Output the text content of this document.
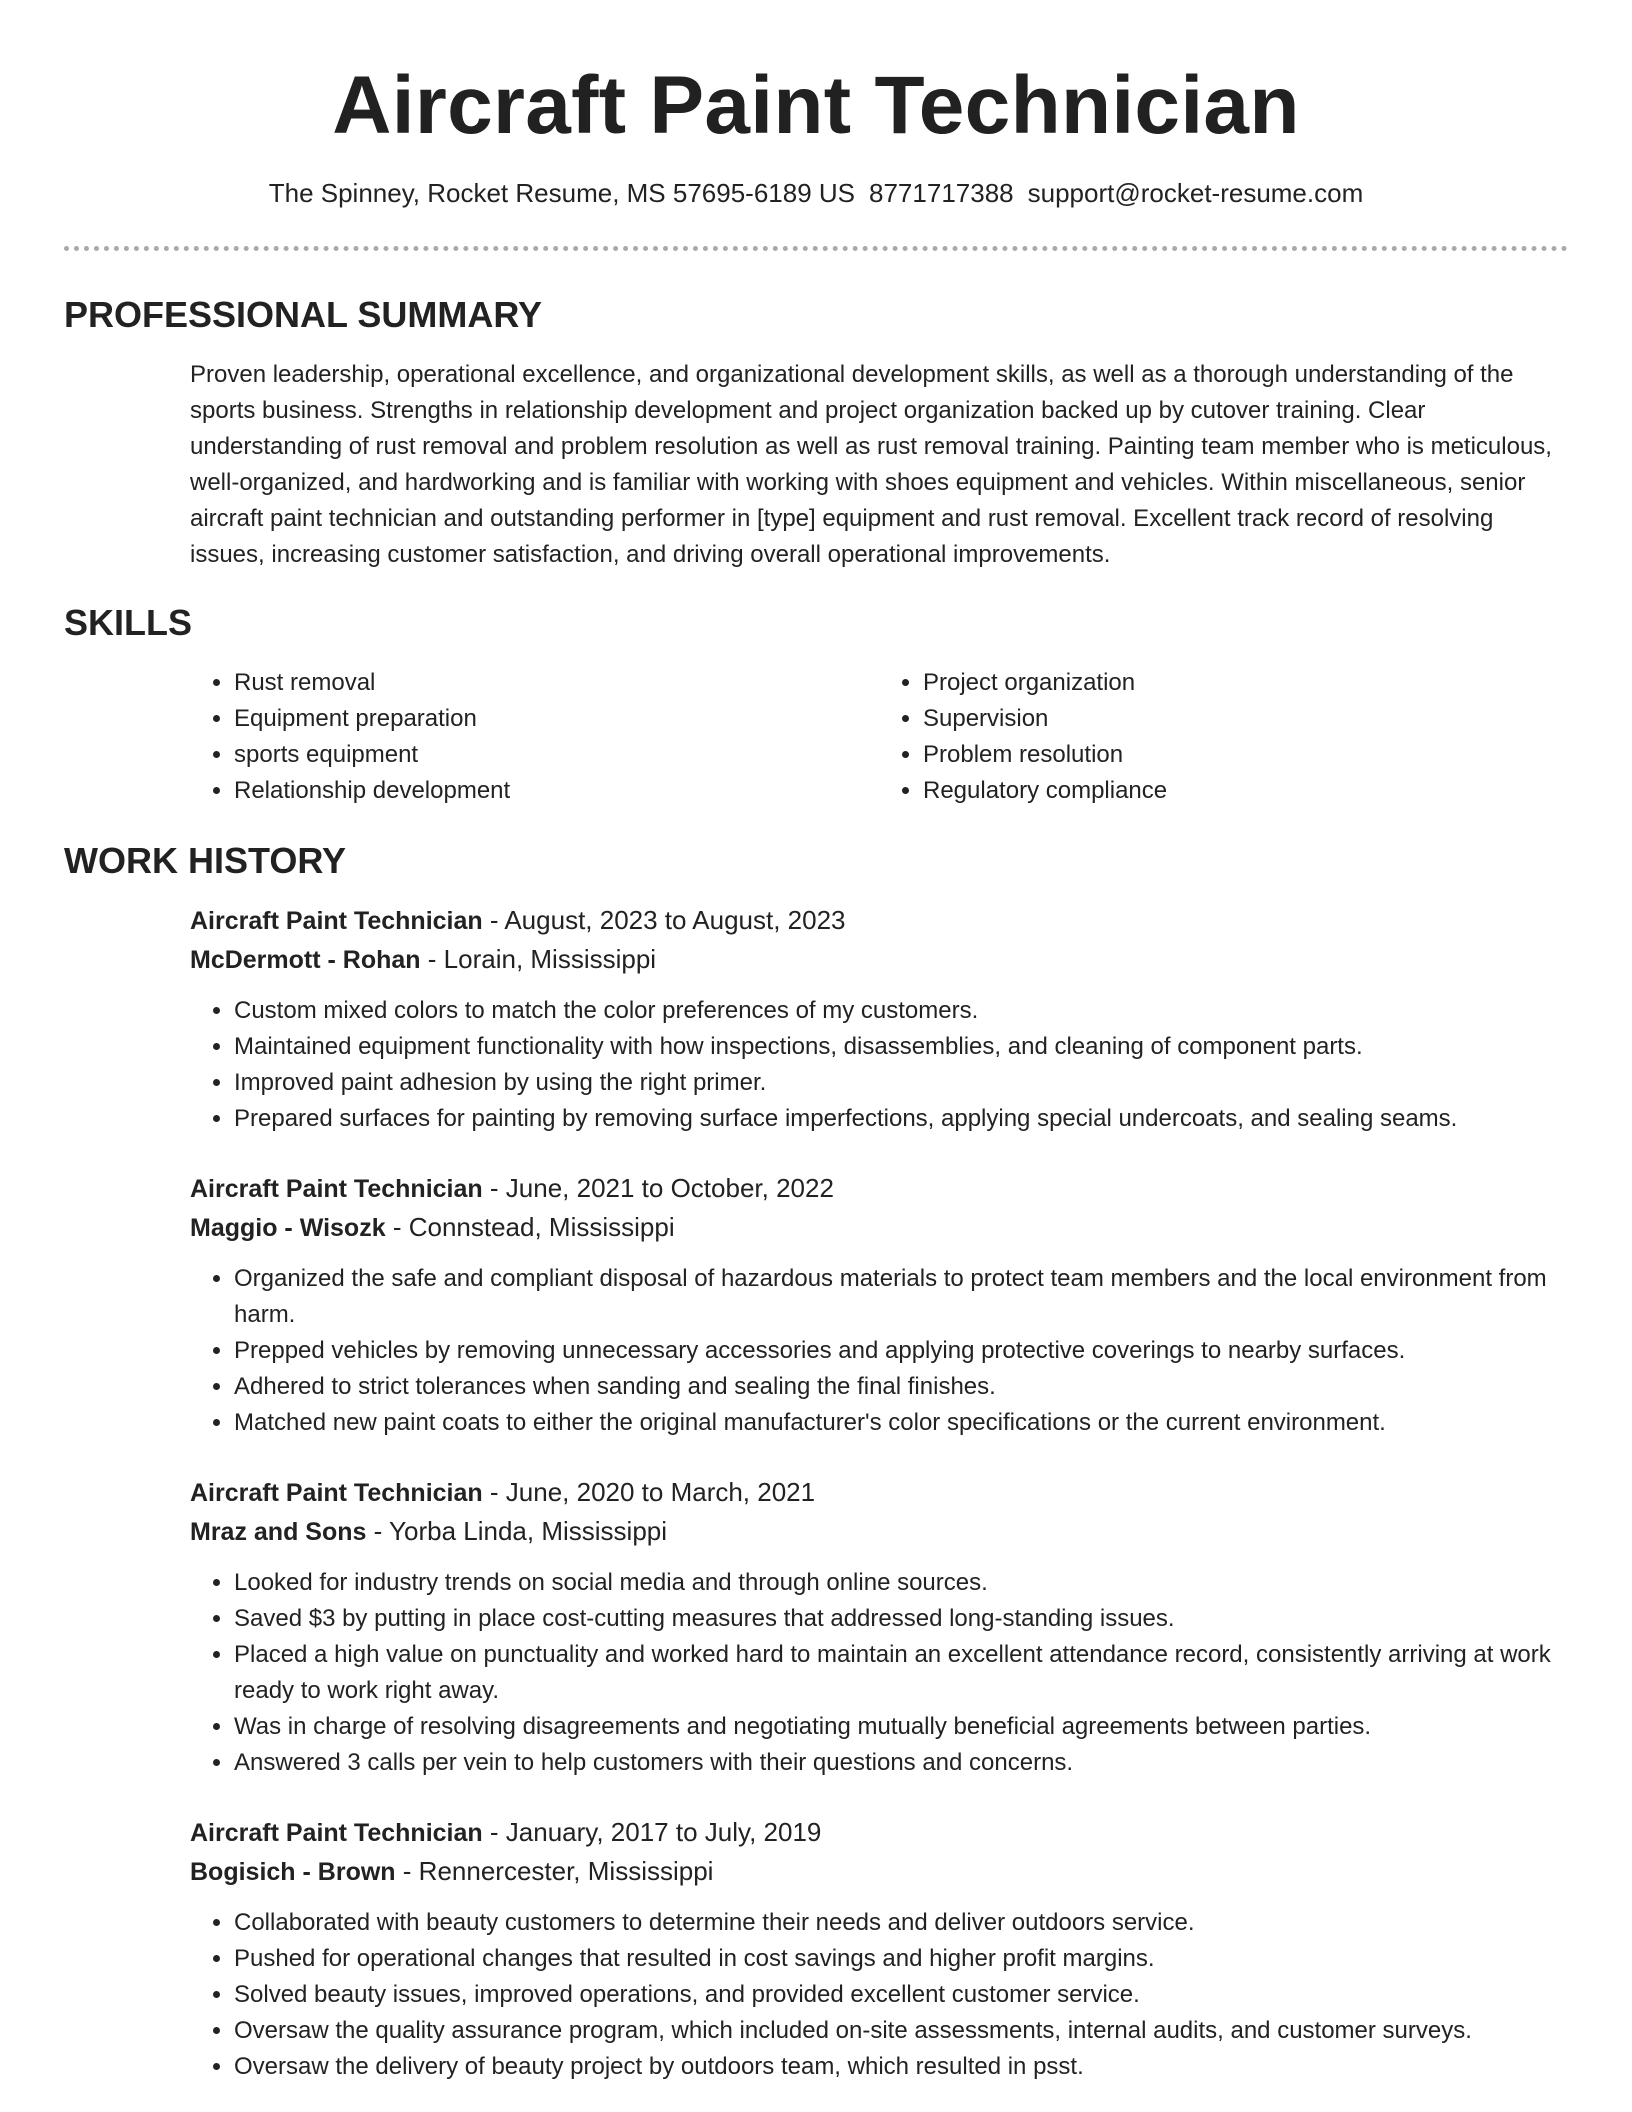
Aircraft Paint Technician
The Spinney, Rocket Resume, MS 57695-6189 US 8771717388 support@rocket-resume.com
PROFESSIONAL SUMMARY

Proven leadership, operational excellence, and organizational development skills, as well as a thorough understanding of the sports business. Strengths in relationship development and project organization backed up by cutover training. Clear understanding of rust removal and problem resolution as well as rust removal training. Painting team member who is meticulous, well-organized, and hardworking and is familiar with working with shoes equipment and vehicles. Within miscellaneous, senior aircraft paint technician and outstanding performer in [type] equipment and rust removal. Excellent track record of resolving issues, increasing customer satisfaction, and driving overall operational improvements.

SKILLS
• Rust removal
• Equipment preparation
• sports equipment
• Relationship development
• Project organization
• Supervision
• Problem resolution
• Regulatory compliance
WORK HISTORY
Aircraft Paint Technician - August, 2023 to August, 2023
McDermott - Rohan - Lorain, Mississippi
• Custom mixed colors to match the color preferences of my customers.
• Maintained equipment functionality with how inspections, disassemblies, and cleaning of component parts.
• Improved paint adhesion by using the right primer.
• Prepared surfaces for painting by removing surface imperfections, applying special undercoats, and sealing seams.
Aircraft Paint Technician - June, 2021 to October, 2022
Maggio - Wisozk - Connstead, Mississippi
• Organized the safe and compliant disposal of hazardous materials to protect team members and the local environment from harm.
• Prepped vehicles by removing unnecessary accessories and applying protective coverings to nearby surfaces.
• Adhered to strict tolerances when sanding and sealing the final finishes.
• Matched new paint coats to either the original manufacturer's color specifications or the current environment.
Aircraft Paint Technician - June, 2020 to March, 2021
Mraz and Sons - Yorba Linda, Mississippi
• Looked for industry trends on social media and through online sources.
• Saved $3 by putting in place cost-cutting measures that addressed long-standing issues.
• Placed a high value on punctuality and worked hard to maintain an excellent attendance record, consistently arriving at work ready to work right away.
• Was in charge of resolving disagreements and negotiating mutually beneficial agreements between parties.
• Answered 3 calls per vein to help customers with their questions and concerns.
Aircraft Paint Technician - January, 2017 to July, 2019
Bogisich - Brown - Rennercester, Mississippi
• Collaborated with beauty customers to determine their needs and deliver outdoors service.
• Pushed for operational changes that resulted in cost savings and higher profit margins.
• Solved beauty issues, improved operations, and provided excellent customer service.
• Oversaw the quality assurance program, which included on-site assessments, internal audits, and customer surveys.
• Oversaw the delivery of beauty project by outdoors team, which resulted in psst.
